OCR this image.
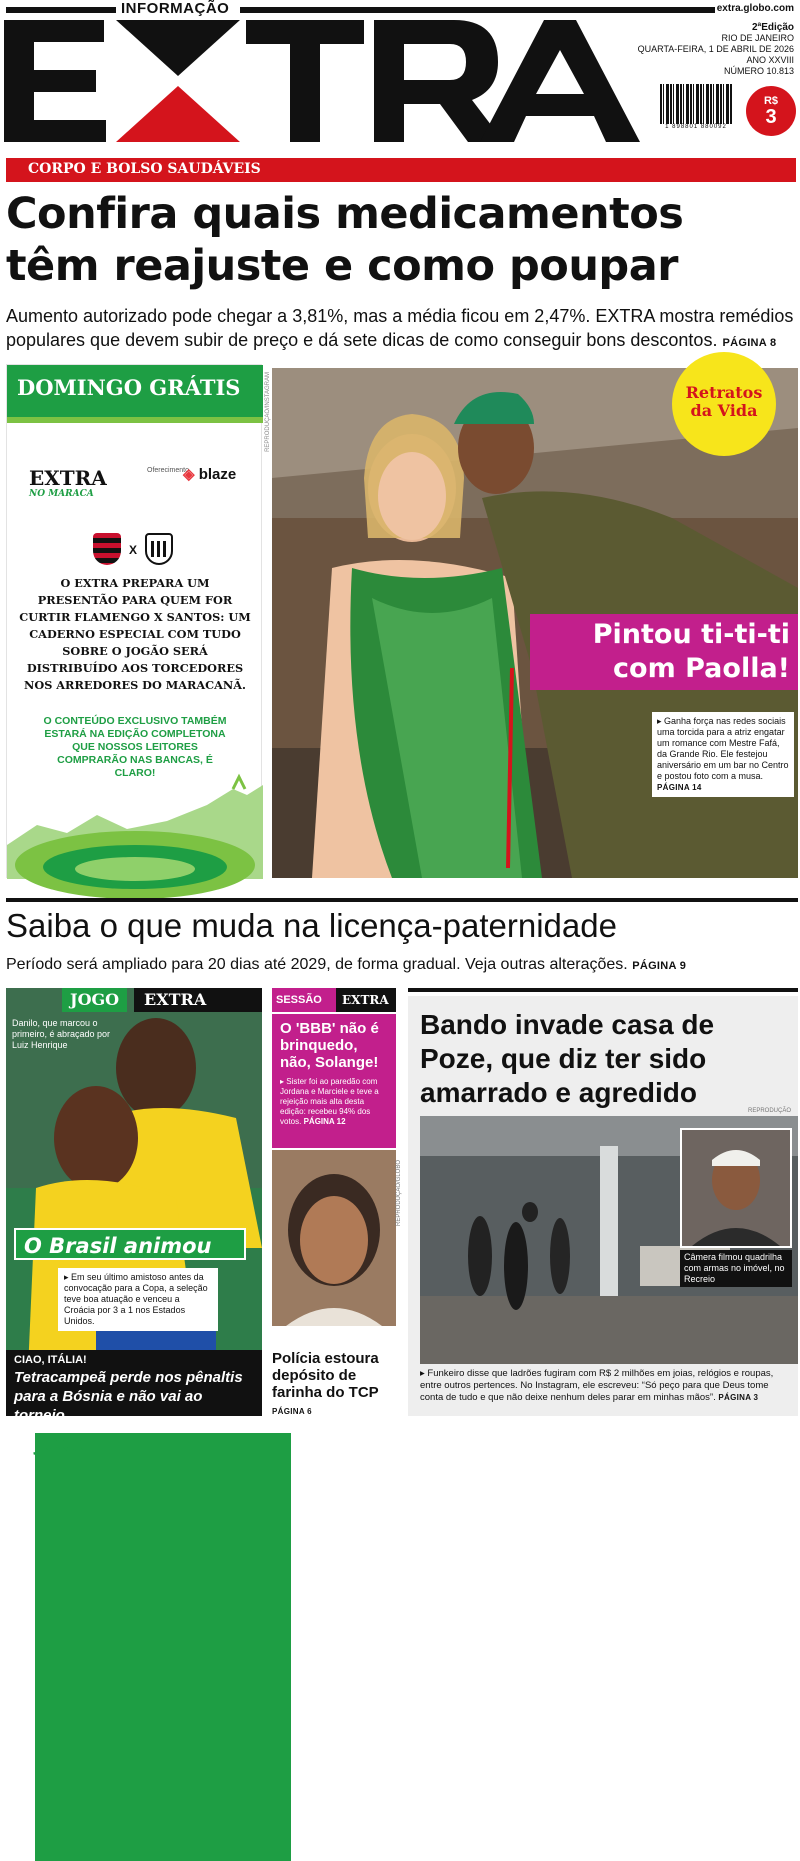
INFORMAÇÃO	extra.globo.com
2ªEdição
RIO DE JANEIRO
QUARTA-FEIRA, 1 DE ABRIL DE 2026
ANO XXVIII
NÚMERO 10.813
1 898801 880092
R$
3
CORPO E BOLSO SAUDÁVEIS
Confira quais medicamentos
têm reajuste e como poupar
Aumento autorizado pode chegar a 3,81%, mas a média ficou em 2,47%. EXTRA mostra remédios populares que devem subir de preço e dá sete dicas de como conseguir bons descontos. PÁGINA 8
DOMINGO GRÁTIS
JOGO

EXTRA
NO MARACA
Oferecimento
◈ blaze
X
O EXTRA PREPARA UM PRESENTÃO PARA QUEM FOR CURTIR FLAMENGO X SANTOS: UM CADERNO ESPECIAL COM TUDO SOBRE O JOGÃO SERÁ DISTRIBUÍDO AOS TORCEDORES NOS ARREDORES DO MARACANÃ.
O CONTEÚDO EXCLUSIVO TAMBÉM ESTARÁ NA EDIÇÃO COMPLETONA QUE NOSSOS LEITORES COMPRARÃO NAS BANCAS, É CLARO!
REPRODUÇÃO/INSTAGRAM	Retratos
da Vida
Pintou ti-ti-ti
com Paolla!
▸ Ganha força nas redes sociais uma torcida para a atriz engatar um romance com Mestre Fafá, da Grande Rio. Ele festejou aniversário em um bar no Centro e postou foto com a musa. PÁGINA 14
Saiba o que muda na licença-paternidade
Período será ampliado para 20 dias até 2029, de forma gradual. Veja outras alterações. PÁGINA 9
JOGO	EXTRA
Danilo, que marcou o primeiro, é abraçado por Luiz Henrique
O Brasil animou
▸ Em seu último amistoso antes da convocação para a Copa, a seleção teve boa atuação e venceu a Croácia por 3 a 1 nos Estados Unidos.
CIAO, ITÁLIA!
Tetracampeã perde nos pênaltis para a Bósnia e não vai ao torneio
SESSÃO	EXTRA
O 'BBB' não é brinquedo, não, Solange!
▸ Sister foi ao paredão com Jordana e Marciele e teve a rejeição mais alta desta edição: recebeu 94% dos votos. PÁGINA 12
REPRODUÇÃO/GLOBO
Polícia estoura depósito de farinha do TCP
PÁGINA 6
Bando invade casa de Poze, que diz ter sido amarrado e agredido
REPRODUÇÃO
Câmera filmou quadrilha com armas no imóvel, no Recreio
▸ Funkeiro disse que ladrões fugiram com R$ 2 milhões em joias, relógios e roupas, entre outros pertences. No Instagram, ele escreveu: “Só peço para que Deus tome conta de tudo e que não deixe nenhum deles parar em minhas mãos”. PÁGINA 3
